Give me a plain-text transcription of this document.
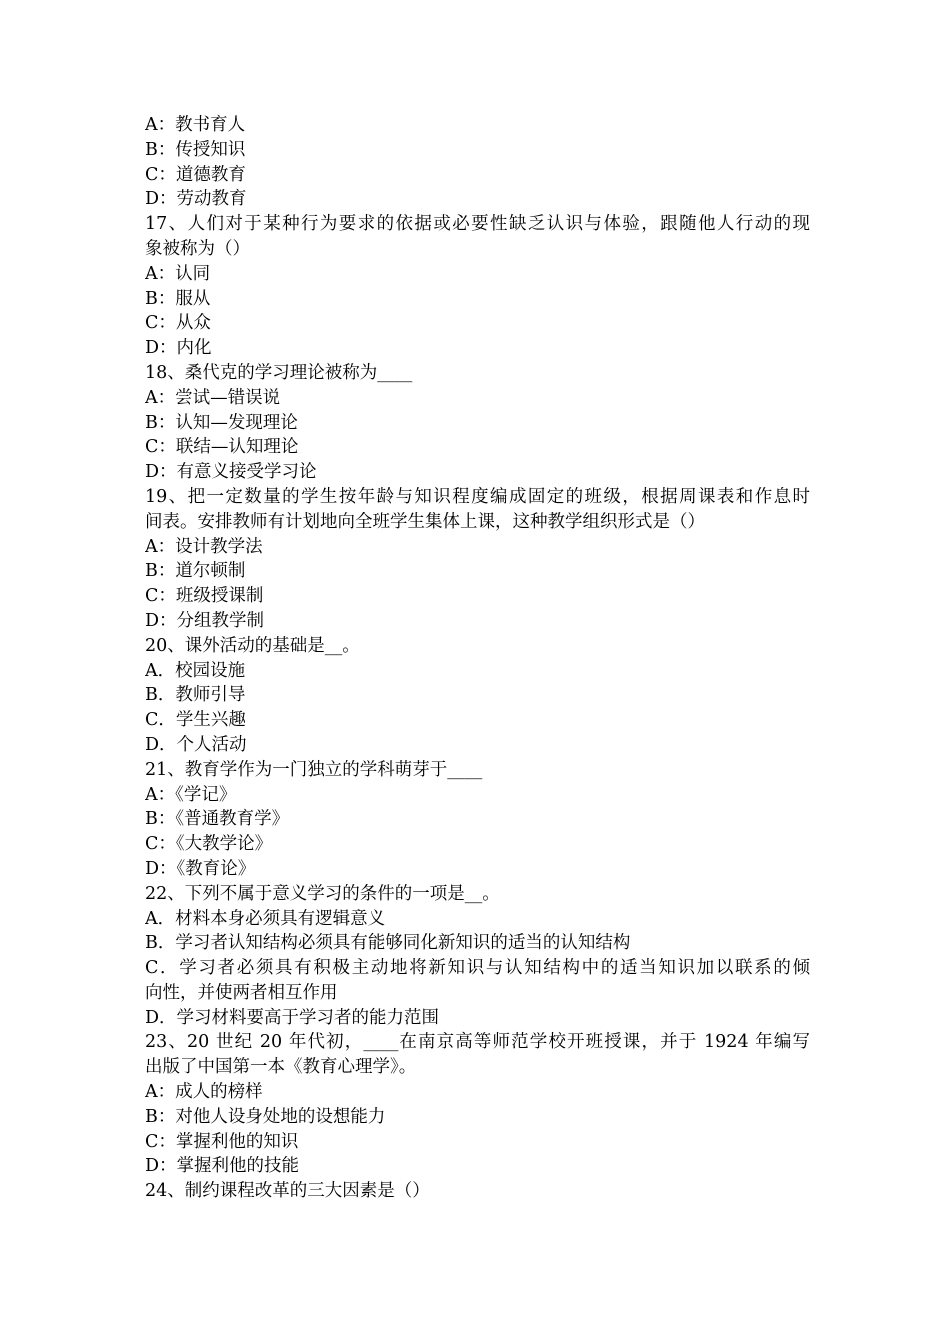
A：教书育人
B：传授知识
C：道德教育
D：劳动教育
17、人们对于某种行为要求的依据或必要性缺乏认识与体验，跟随他人行动的现
象被称为（）
A：认同
B：服从
C：从众
D：内化
18、桑代克的学习理论被称为____
A：尝试—错误说
B：认知—发现理论
C：联结—认知理论
D：有意义接受学习论
19、把一定数量的学生按年龄与知识程度编成固定的班级，根据周课表和作息时
间表。安排教师有计划地向全班学生集体上课，这种教学组织形式是（）
A：设计教学法
B：道尔顿制
C：班级授课制
D：分组教学制
20、课外活动的基础是__。
A．校园设施
B．教师引导
C．学生兴趣
D．个人活动
21、教育学作为一门独立的学科萌芽于____
A：《学记》
B：《普通教育学》
C：《大教学论》
D：《教育论》
22、下列不属于意义学习的条件的一项是__。
A．材料本身必须具有逻辑意义
B．学习者认知结构必须具有能够同化新知识的适当的认知结构
C．学习者必须具有积极主动地将新知识与认知结构中的适当知识加以联系的倾
向性，并使两者相互作用
D．学习材料要高于学习者的能力范围
23、20 世纪 20 年代初，____在南京高等师范学校开班授课，并于 1924 年编写
出版了中国第一本《教育心理学》。
A：成人的榜样
B：对他人设身处地的设想能力
C：掌握利他的知识
D：掌握利他的技能
24、制约课程改革的三大因素是（）
